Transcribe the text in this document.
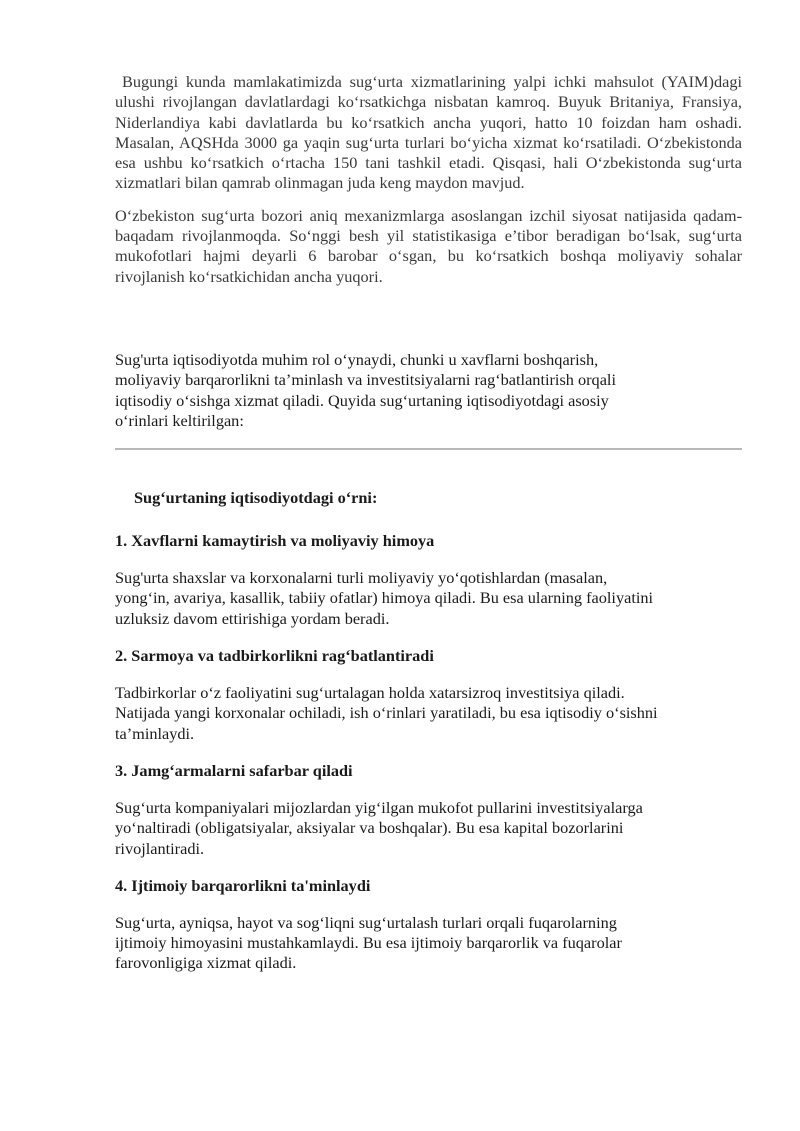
Bugungi kunda mamlakatimizda sug‘urta xizmatlarining yalpi ichki mahsulot (YAIM)dagi ulushi rivojlangan davlatlardagi ko‘rsatkichga nisbatan kamroq. Buyuk Britaniya, Fransiya, Niderlandiya kabi davlatlarda bu ko‘rsatkich ancha yuqori, hatto 10 foizdan ham oshadi. Masalan, AQSHda 3000 ga yaqin sug‘urta turlari bo‘yicha xizmat ko‘rsatiladi. O‘zbekistonda esa ushbu ko‘rsatkich o‘rtacha 150 tani tashkil etadi. Qisqasi, hali O‘zbekistonda sug‘urta xizmatlari bilan qamrab olinmagan juda keng maydon mavjud.

O‘zbekiston sug‘urta bozori aniq mexanizmlarga asoslangan izchil siyosat natijasida qadam-baqadam rivojlanmoqda. So‘nggi besh yil statistikasiga e’tibor beradigan bo‘lsak, sug‘urta mukofotlari hajmi deyarli 6 barobar o‘sgan, bu ko‘rsatkich boshqa moliyaviy sohalar rivojlanish ko‘rsatkichidan ancha yuqori.

Sug'urta iqtisodiyotda muhim rol o‘ynaydi, chunki u xavflarni boshqarish,
moliyaviy barqarorlikni ta’minlash va investitsiyalarni rag‘batlantirish orqali
iqtisodiy o‘sishga xizmat qiladi. Quyida sug‘urtaning iqtisodiyotdagi asosiy
o‘rinlari keltirilgan:

Sug‘urtaning iqtisodiyotdagi o‘rni:
1. Xavflarni kamaytirish va moliyaviy himoya

Sug'urta shaxslar va korxonalarni turli moliyaviy yo‘qotishlardan (masalan,
yong‘in, avariya, kasallik, tabiiy ofatlar) himoya qiladi. Bu esa ularning faoliyatini
uzluksiz davom ettirishiga yordam beradi.

2. Sarmoya va tadbirkorlikni rag‘batlantiradi

Tadbirkorlar o‘z faoliyatini sug‘urtalagan holda xatarsizroq investitsiya qiladi.
Natijada yangi korxonalar ochiladi, ish o‘rinlari yaratiladi, bu esa iqtisodiy o‘sishni
ta’minlaydi.

3. Jamg‘armalarni safarbar qiladi

Sug‘urta kompaniyalari mijozlardan yig‘ilgan mukofot pullarini investitsiyalarga
yo‘naltiradi (obligatsiyalar, aksiyalar va boshqalar). Bu esa kapital bozorlarini
rivojlantiradi.

4. Ijtimoiy barqarorlikni ta'minlaydi

Sug‘urta, ayniqsa, hayot va sog‘liqni sug‘urtalash turlari orqali fuqarolarning
ijtimoiy himoyasini mustahkamlaydi. Bu esa ijtimoiy barqarorlik va fuqarolar
farovonligiga xizmat qiladi.
